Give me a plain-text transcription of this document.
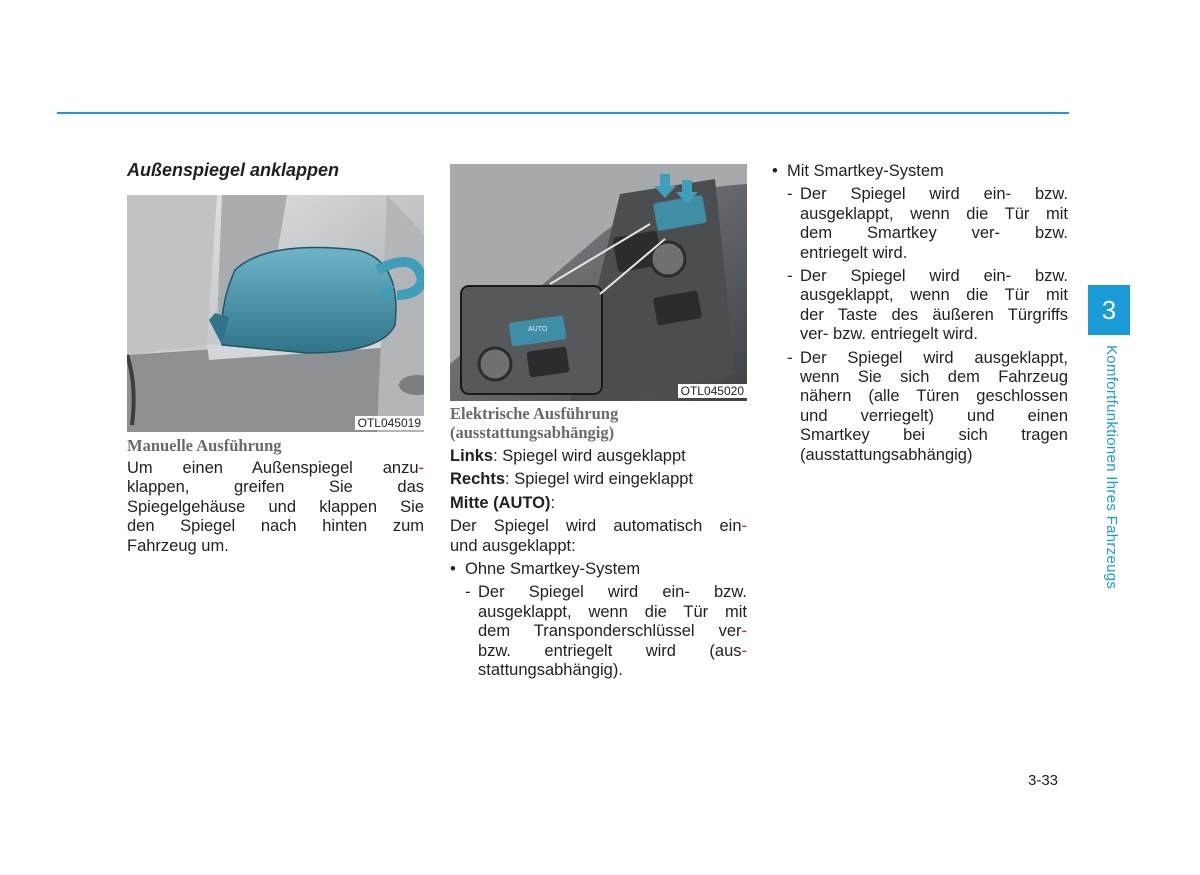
Außenspiegel anklappen
OTL045019
AUTO
OTL045020
Manuelle Ausführung
Um einen Außenspiegel anzu-
klappen, greifen Sie das
Spiegelgehäuse und klappen Sie
den Spiegel nach hinten zum
Fahrzeug um.
Elektrische Ausführung
(ausstattungsabhängig)

Links: Spiegel wird ausgeklappt

Rechts: Spiegel wird eingeklappt

Mitte (AUTO):

Der Spiegel wird automatisch ein-
und ausgeklappt:
• Ohne Smartkey-System
- Der Spiegel wird ein- bzw.
ausgeklappt, wenn die Tür mit
dem Transponderschlüssel ver-
bzw. entriegelt wird (aus-
stattungsabhängig).
• Mit Smartkey-System
- Der Spiegel wird ein- bzw.
ausgeklappt, wenn die Tür mit
dem Smartkey ver- bzw.
entriegelt wird.
- Der Spiegel wird ein- bzw.
ausgeklappt, wenn die Tür mit
der Taste des äußeren Türgriffs
ver- bzw. entriegelt wird.
- Der Spiegel wird ausgeklappt,
wenn Sie sich dem Fahrzeug
nähern (alle Türen geschlossen
und verriegelt) und einen
Smartkey bei sich tragen
(ausstattungsabhängig)
3
Komfortfunktionen Ihres Fahrzeugs
3-33
